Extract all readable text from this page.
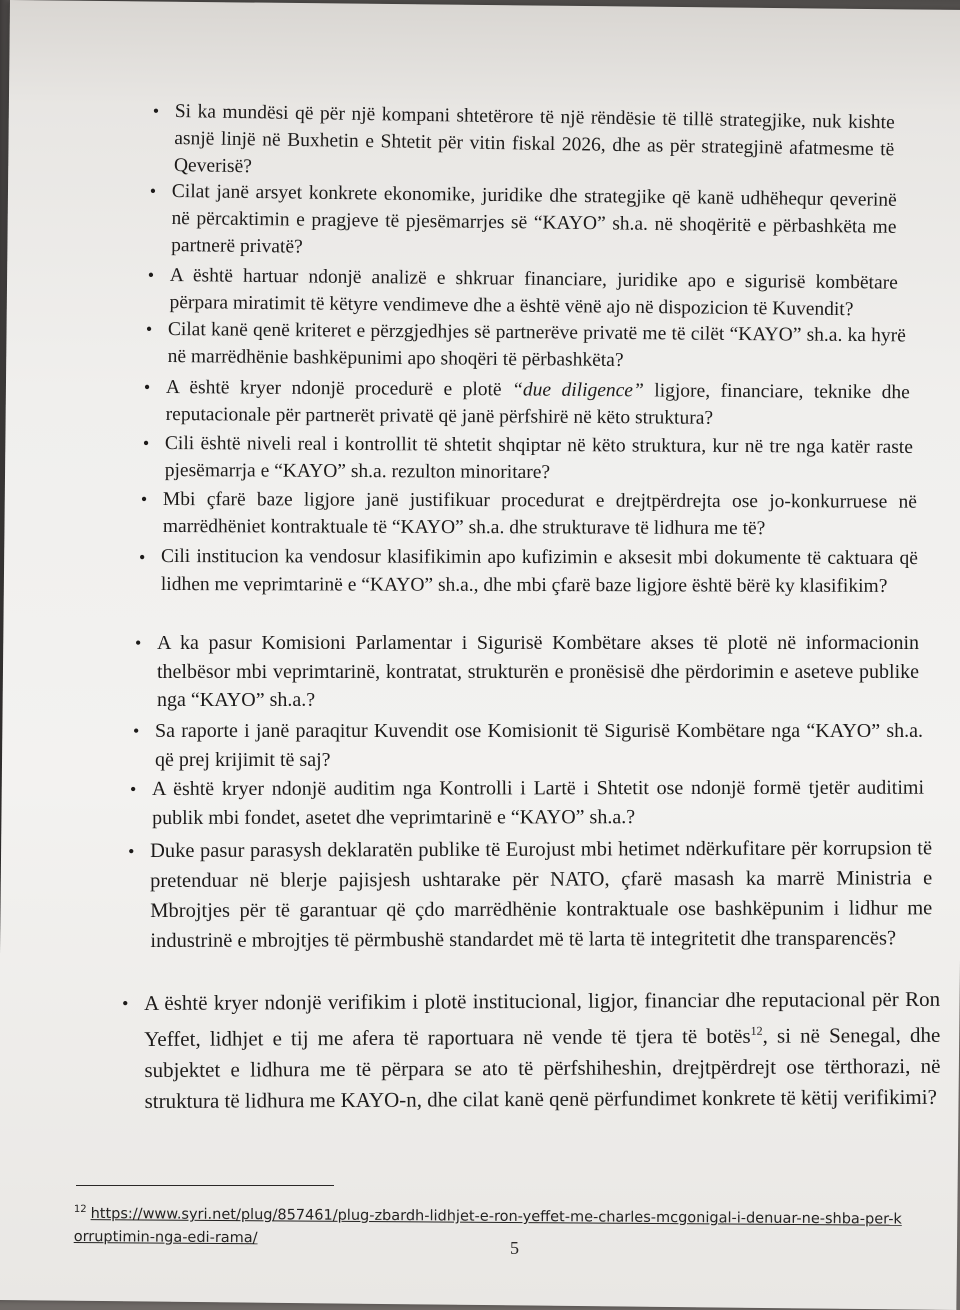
• Si ka mundësi që për një kompani shtetërore të një rëndësie të tillë strategjike, nuk kishte asnjë linjë në Buxhetin e Shtetit për vitin fiskal 2026, dhe as për strategjinë afatmesme të Qeverisë?
• Cilat janë arsyet konkrete ekonomike, juridike dhe strategjike që kanë udhëhequr qeverinë në përcaktimin e pragjeve të pjesëmarrjes së “KAYO” sh.a. në shoqëritë e përbashkëta me partnerë privatë?
• A është hartuar ndonjë analizë e shkruar financiare, juridike apo e sigurisë kombëtare përpara miratimit të këtyre vendimeve dhe a është vënë ajo në dispozicion të Kuvendit?
• Cilat kanë qenë kriteret e përzgjedhjes së partnerëve privatë me të cilët “KAYO” sh.a. ka hyrë në marrëdhënie bashkëpunimi apo shoqëri të përbashkëta?
• A është kryer ndonjë procedurë e plotë “due diligence” ligjore, financiare, teknike dhe reputacionale për partnerët privatë që janë përfshirë në këto struktura?
• Cili është niveli real i kontrollit të shtetit shqiptar në këto struktura, kur në tre nga katër raste pjesëmarrja e “KAYO” sh.a. rezulton minoritare?
• Mbi çfarë baze ligjore janë justifikuar procedurat e drejtpërdrejta ose jo-konkurruese në marrëdhëniet kontraktuale të “KAYO” sh.a. dhe strukturave të lidhura me të?
• Cili institucion ka vendosur klasifikimin apo kufizimin e aksesit mbi dokumente të caktuara që lidhen me veprimtarinë e “KAYO” sh.a., dhe mbi çfarë baze ligjore është bërë ky klasifikim?
• A ka pasur Komisioni Parlamentar i Sigurisë Kombëtare akses të plotë në informacionin thelbësor mbi veprimtarinë, kontratat, strukturën e pronësisë dhe përdorimin e aseteve publike nga “KAYO” sh.a.?
• Sa raporte i janë paraqitur Kuvendit ose Komisionit të Sigurisë Kombëtare nga “KAYO” sh.a. që prej krijimit të saj?
• A është kryer ndonjë auditim nga Kontrolli i Lartë i Shtetit ose ndonjë formë tjetër auditimi publik mbi fondet, asetet dhe veprimtarinë e “KAYO” sh.a.?
• Duke pasur parasysh deklaratën publike të Eurojust mbi hetimet ndërkufitare për korrupsion të pretenduar në blerje pajisjesh ushtarake për NATO, çfarë masash ka marrë Ministria e Mbrojtjes për të garantuar që çdo marrëdhënie kontraktuale ose bashkëpunim i lidhur me industrinë e mbrojtjes të përmbushë standardet më të larta të integritetit dhe transparencës?
• A është kryer ndonjë verifikim i plotë institucional, ligjor, financiar dhe reputacional për Ron Yeffet, lidhjet e tij me afera të raportuara në vende të tjera të botës$^{12}$, si në Senegal, dhe subjektet e lidhura me të përpara se ato të përfshiheshin, drejtpërdrejt ose tërthorazi, në struktura të lidhura me KAYO-n, dhe cilat kanë qenë përfundimet konkrete të këtij verifikimi?
$^{12}$ https://www.syri.net/plug/857461/plug-zbardh-lidhjet-e-ron-yeffet-me-charles-mcgonigal-i-denuar-ne-shba-per-korruptimin-nga-edi-rama/
5
